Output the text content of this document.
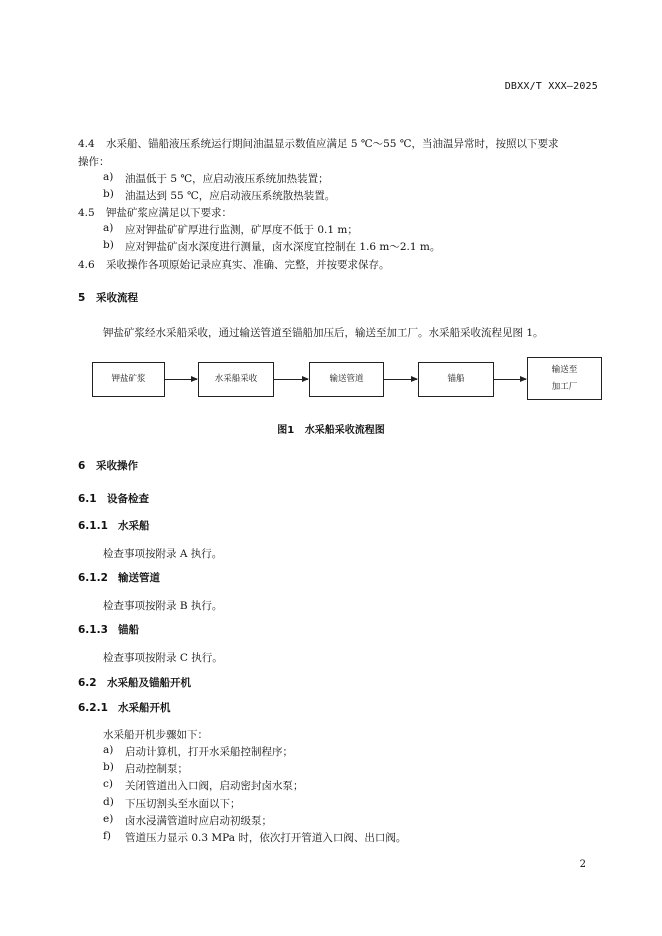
DBXX/T XXX—2025
4.4 水采船、锚船液压系统运行期间油温显示数值应满足 5 ℃～55 ℃，当油温异常时，按照以下要求
操作：
a) 油温低于 5 ℃，应启动液压系统加热装置；
b) 油温达到 55 ℃，应启动液压系统散热装置。
4.5 钾盐矿浆应满足以下要求：
a) 应对钾盐矿矿厚进行监测，矿厚度不低于 0.1 m；
b) 应对钾盐矿卤水深度进行测量，卤水深度宜控制在 1.6 m～2.1 m。
4.6 采收操作各项原始记录应真实、准确、完整，并按要求保存。
5 采收流程
钾盐矿浆经水采船采收，通过输送管道至锚船加压后，输送至加工厂。水采船采收流程见图 1。
钾盐矿浆	水采船采收	输送管道	锚船
输送至
加工厂
图1 水采船采收流程图
6 采收操作
6.1 设备检查
6.1.1 水采船
检查事项按附录 A 执行。
6.1.2 输送管道
检查事项按附录 B 执行。
6.1.3 锚船
检查事项按附录 C 执行。
6.2 水采船及锚船开机
6.2.1 水采船开机
水采船开机步骤如下：
a) 启动计算机，打开水采船控制程序；
b) 启动控制泵；
c) 关闭管道出入口阀，启动密封卤水泵；
d) 下压切割头至水面以下；
e) 卤水浸满管道时应启动初级泵；
f) 管道压力显示 0.3 MPa 时，依次打开管道入口阀、出口阀。
2
